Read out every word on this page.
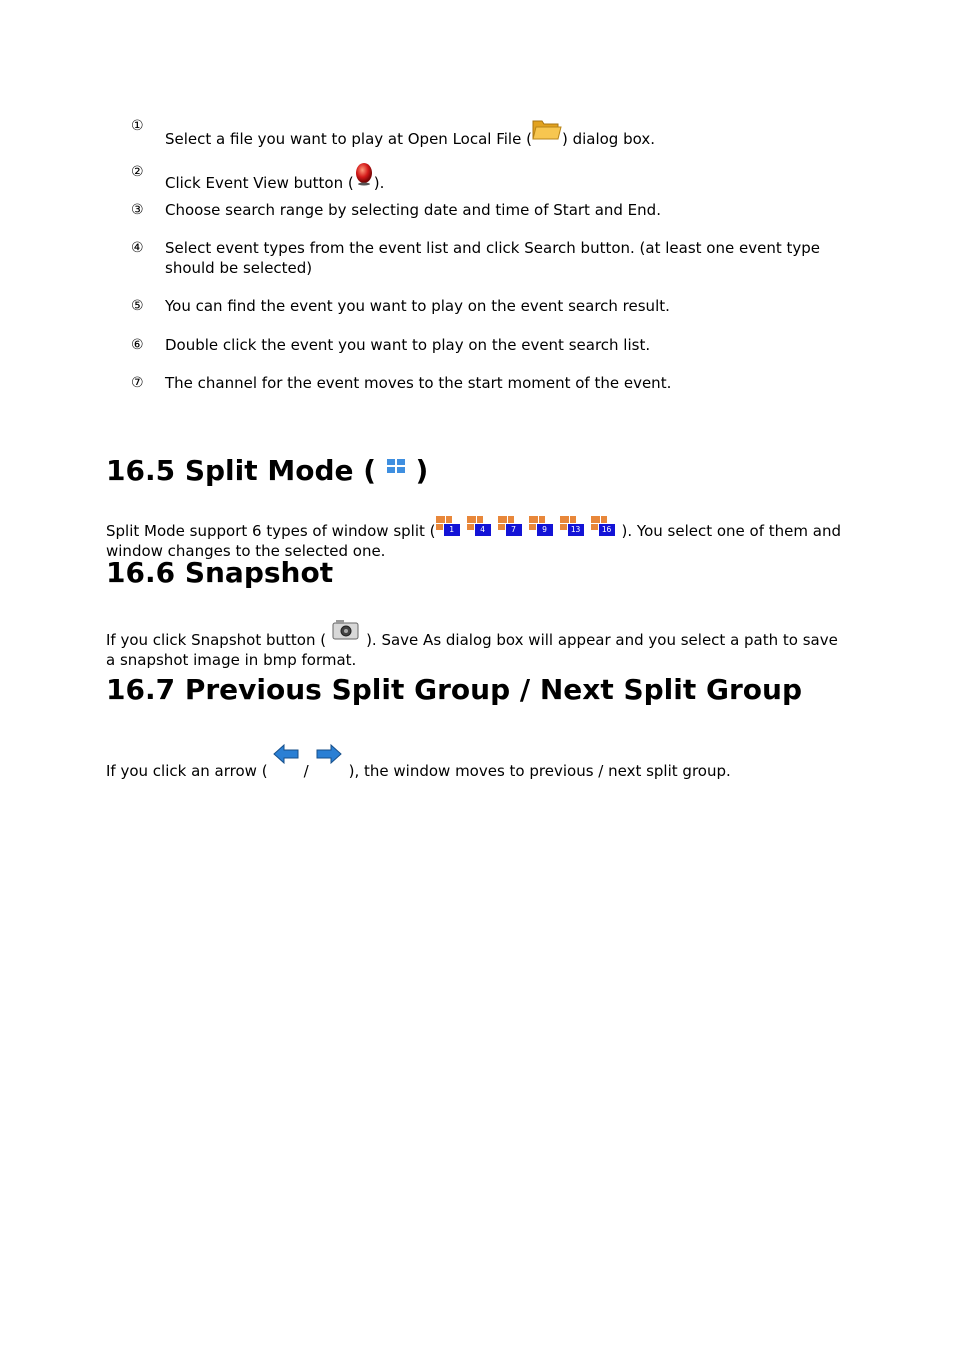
①
Select a file you want to play at Open Local File ( ) dialog box.
②
Click Event View button ( ).
③	Choose search range by selecting date and time of Start and End.
④	Select event types from the event list and click Search button. (at least one event type should be selected)
⑤	You can find the event you want to play on the event search result.
⑥	Double click the event you want to play on the event search list.
⑦	The channel for the event moves to the start moment of the event.
16.5 Split Mode ( )

Split Mode support 6 types of window split (	1	4	7	9	13	16 ). You select one of them and window changes to the selected one.

16.6 Snapshot

If you click Snapshot button (	). Save As dialog box will appear and you select a path to save a snapshot image in bmp format.

16.7 Previous Split Group / Next Split Group

If you click an arrow ( /	), the window moves to previous / next split group.
